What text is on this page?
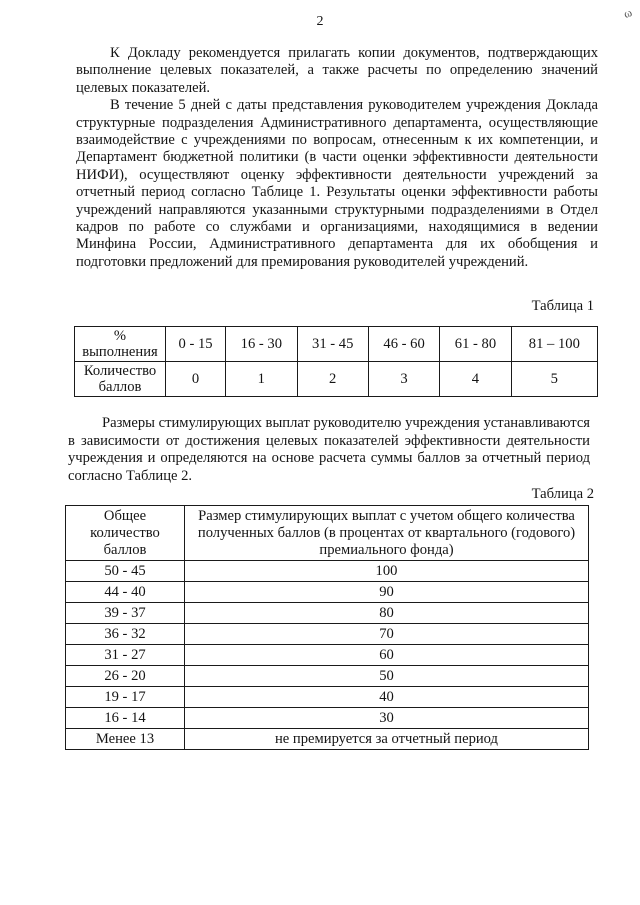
2
ω

К Докладу рекомендуется прилагать копии документов, подтверждающих выполнение целевых показателей, а также расчеты по определению значений целевых показателей.

В течение 5 дней с даты представления руководителем учреждения Доклада структурные подразделения Административного департамента, осуществляющие взаимодействие с учреждениями по вопросам, отнесенным к их компетенции, и Департамент бюджетной политики (в части оценки эффективности деятельности НИФИ), осуществляют оценку эффективности деятельности учреждений за отчетный период согласно Таблице 1. Результаты оценки эффективности работы учреждений направляются указанными структурными подразделениями в Отдел кадров по работе со службами и организациями, находящимися в ведении Минфина России, Административного департамента для их обобщения и подготовки предложений для премирования руководителей учреждений.

Таблица 1
% выполнения	0 - 15	16 - 30	31 - 45	46 - 60	61 - 80	81 – 100
Количество баллов	0	1	2	3	4	5

Размеры стимулирующих выплат руководителю учреждения устанавливаются в зависимости от достижения целевых показателей эффективности деятельности учреждения и определяются на основе расчета суммы баллов за отчетный период согласно Таблице 2.

Таблица 2
Общее количество баллов	Размер стимулирующих выплат с учетом общего количества полученных баллов (в процентах от квартального (годового) премиального фонда)
50 - 45	100
44 - 40	90
39 - 37	80
36 - 32	70
31 - 27	60
26 - 20	50
19 - 17	40
16 - 14	30
Менее 13	не премируется за отчетный период
